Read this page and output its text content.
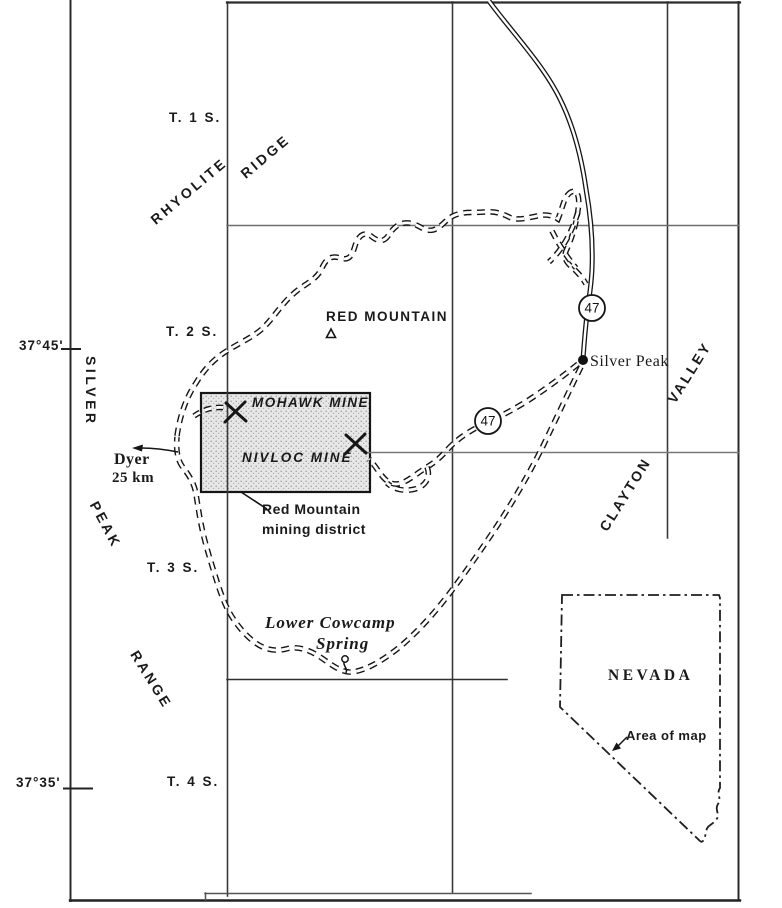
47
47
T. 1 S.
T. 2 S.
T. 3 S.
T. 4 S.
37°45'
37°35'
RHYOLITE RIDGE
SILVER
PEAK
RANGE
CLAYTON
VALLEY
RED MOUNTAIN
MOHAWK MINE
NIVLOC MINE
Dyer
25 km
Red Mountain
mining district
Silver Peak
Lower Cowcamp
Spring
NEVADA
Area of map
